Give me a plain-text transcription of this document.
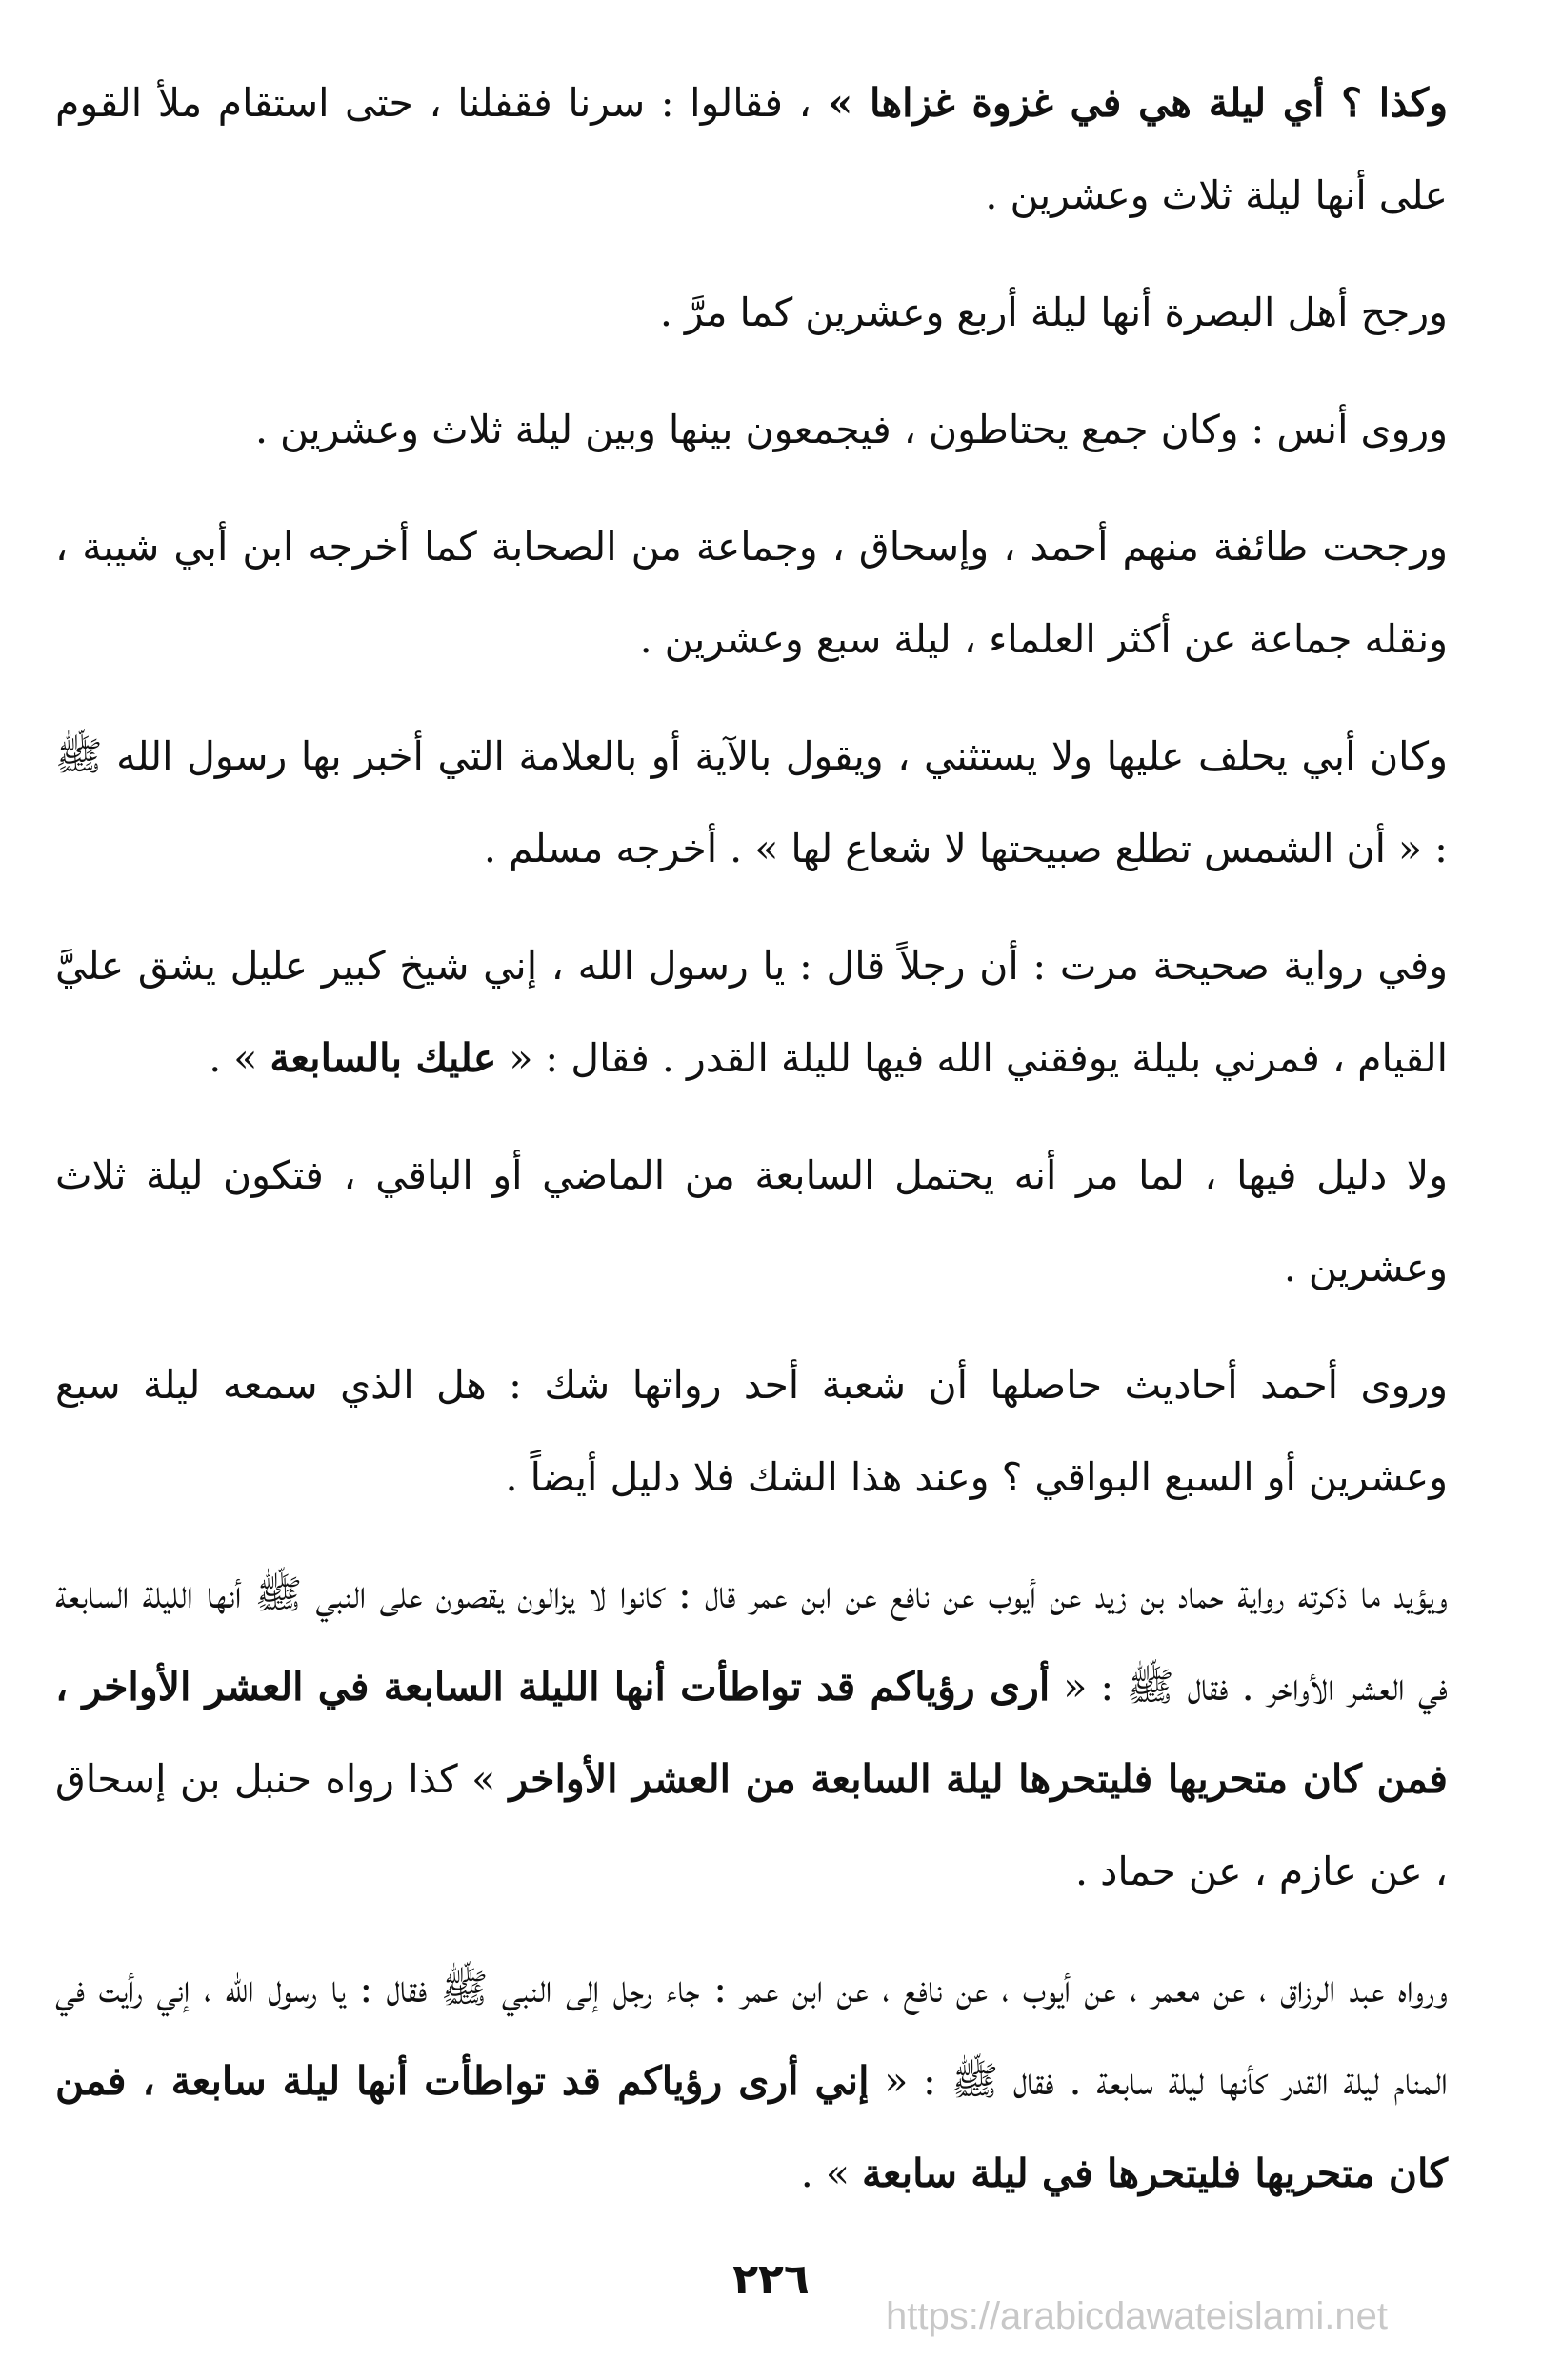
وكذا ؟ أي ليلة هي في غزوة غزاها » ، فقالوا : سرنا فقفلنا ، حتى استقام ملأ القوم على أنها ليلة ثلاث وعشرين .

ورجح أهل البصرة أنها ليلة أربع وعشرين كما مرَّ .

وروى أنس : وكان جمع يحتاطون ، فيجمعون بينها وبين ليلة ثلاث وعشرين .

ورجحت طائفة منهم أحمد ، وإسحاق ، وجماعة من الصحابة كما أخرجه ابن أبي شيبة ، ونقله جماعة عن أكثر العلماء ، ليلة سبع وعشرين .

وكان أبي يحلف عليها ولا يستثني ، ويقول بالآية أو بالعلامة التي أخبر بها رسول الله ﷺ : « أن الشمس تطلع صبيحتها لا شعاع لها » . أخرجه مسلم .

وفي رواية صحيحة مرت : أن رجلاً قال : يا رسول الله ، إني شيخ كبير عليل يشق عليَّ القيام ، فمرني بليلة يوفقني الله فيها لليلة القدر . فقال : « عليك بالسابعة » .

ولا دليل فيها ، لما مر أنه يحتمل السابعة من الماضي أو الباقي ، فتكون ليلة ثلاث وعشرين .

وروى أحمد أحاديث حاصلها أن شعبة أحد رواتها شك : هل الذي سمعه ليلة سبع وعشرين أو السبع البواقي ؟ وعند هذا الشك فلا دليل أيضاً .

ويؤيد ما ذكرته رواية حماد بن زيد عن أيوب عن نافع عن ابن عمر قال : كانوا لا يزالون يقصون على النبي ﷺ أنها الليلة السابعة في العشر الأواخر . فقال ﷺ : « أرى رؤياكم قد تواطأت أنها الليلة السابعة في العشر الأواخر ، فمن كان متحريها فليتحرها ليلة السابعة من العشر الأواخر » كذا رواه حنبل بن إسحاق ، عن عازم ، عن حماد .

ورواه عبد الرزاق ، عن معمر ، عن أيوب ، عن نافع ، عن ابن عمر : جاء رجل إلى النبي ﷺ فقال : يا رسول الله ، إني رأيت في المنام ليلة القدر كأنها ليلة سابعة . فقال ﷺ : « إني أرى رؤياكم قد تواطأت أنها ليلة سابعة ، فمن كان متحريها فليتحرها في ليلة سابعة » .

٢٢٦
https://arabicdawateislami.net
